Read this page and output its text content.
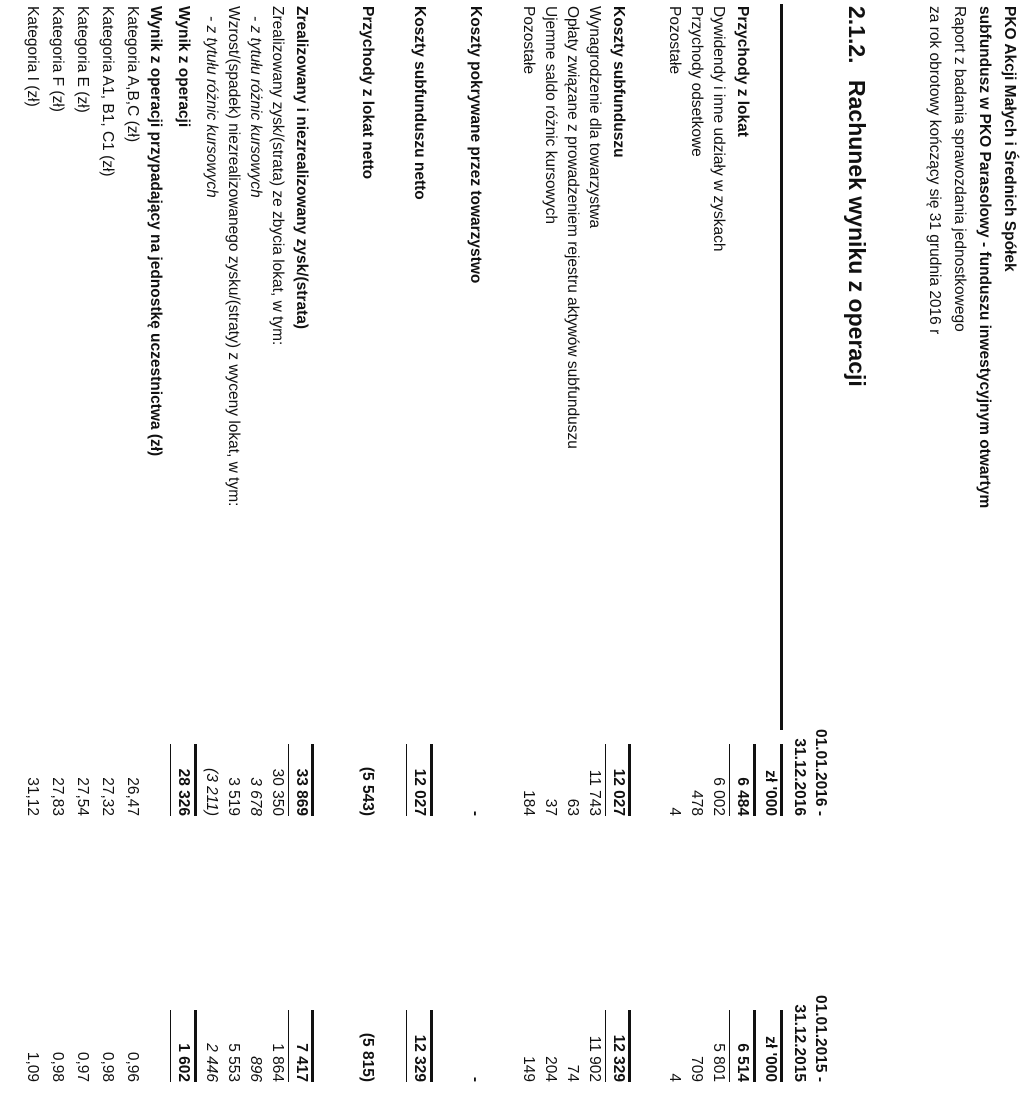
PKO Akcji Małych i Średnich Spółek
subfundusz w PKO Parasolowy - funduszu inwestycyjnym otwartym
Raport z badania sprawozdania jednostkowego
za rok obrotowy kończący się 31 grudnia 2016 r
2.1.2.
Rachunek wyniku z operacji
01.01.2016 -
31.12.2016
01.01.2015 -
31.12.2015
zł '000
zł '000
Przychody z lokat
6 484
6 514
Dywidendy i inne udziały w zyskach
6 002
5 801
Przychody odsetkowe
478
709
Pozostałe
4
4
Koszty subfunduszu
12 027
12 329
Wynagrodzenie dla towarzystwa
11 743
11 902
Opłaty związane z prowadzeniem rejestru aktywów subfunduszu
63
74
Ujemne saldo różnic kursowych
37
204
Pozostałe
184
149
Koszty pokrywane przez towarzystwo
-
-
Koszty subfunduszu netto
12 027
12 329
Przychody z lokat netto
(5 543)
(5 815)
Zrealizowany i niezrealizowany zysk/(strata)
33 869
7 417
Zrealizowany zysk/(strata) ze zbycia lokat, w tym:
30 350
1 864
- z tytułu różnic kursowych
3 678
896
Wzrost/(spadek) niezrealizowanego zysku/(straty) z wyceny lokat, w tym:
3 519
5 553
- z tytułu różnic kursowych
(3 211)
2 446
Wynik z operacji
28 326
1 602
Wynik z operacji przypadający na jednostkę uczestnictwa (zł)
Kategoria A,B,C (zł)
26,47
0,96
Kategoria A1, B1, C1 (zł)
27,32
0,98
Kategoria E (zł)
27,54
0,97
Kategoria F (zł)
27,83
0,98
Kategoria I (zł)
31,12
1,09
